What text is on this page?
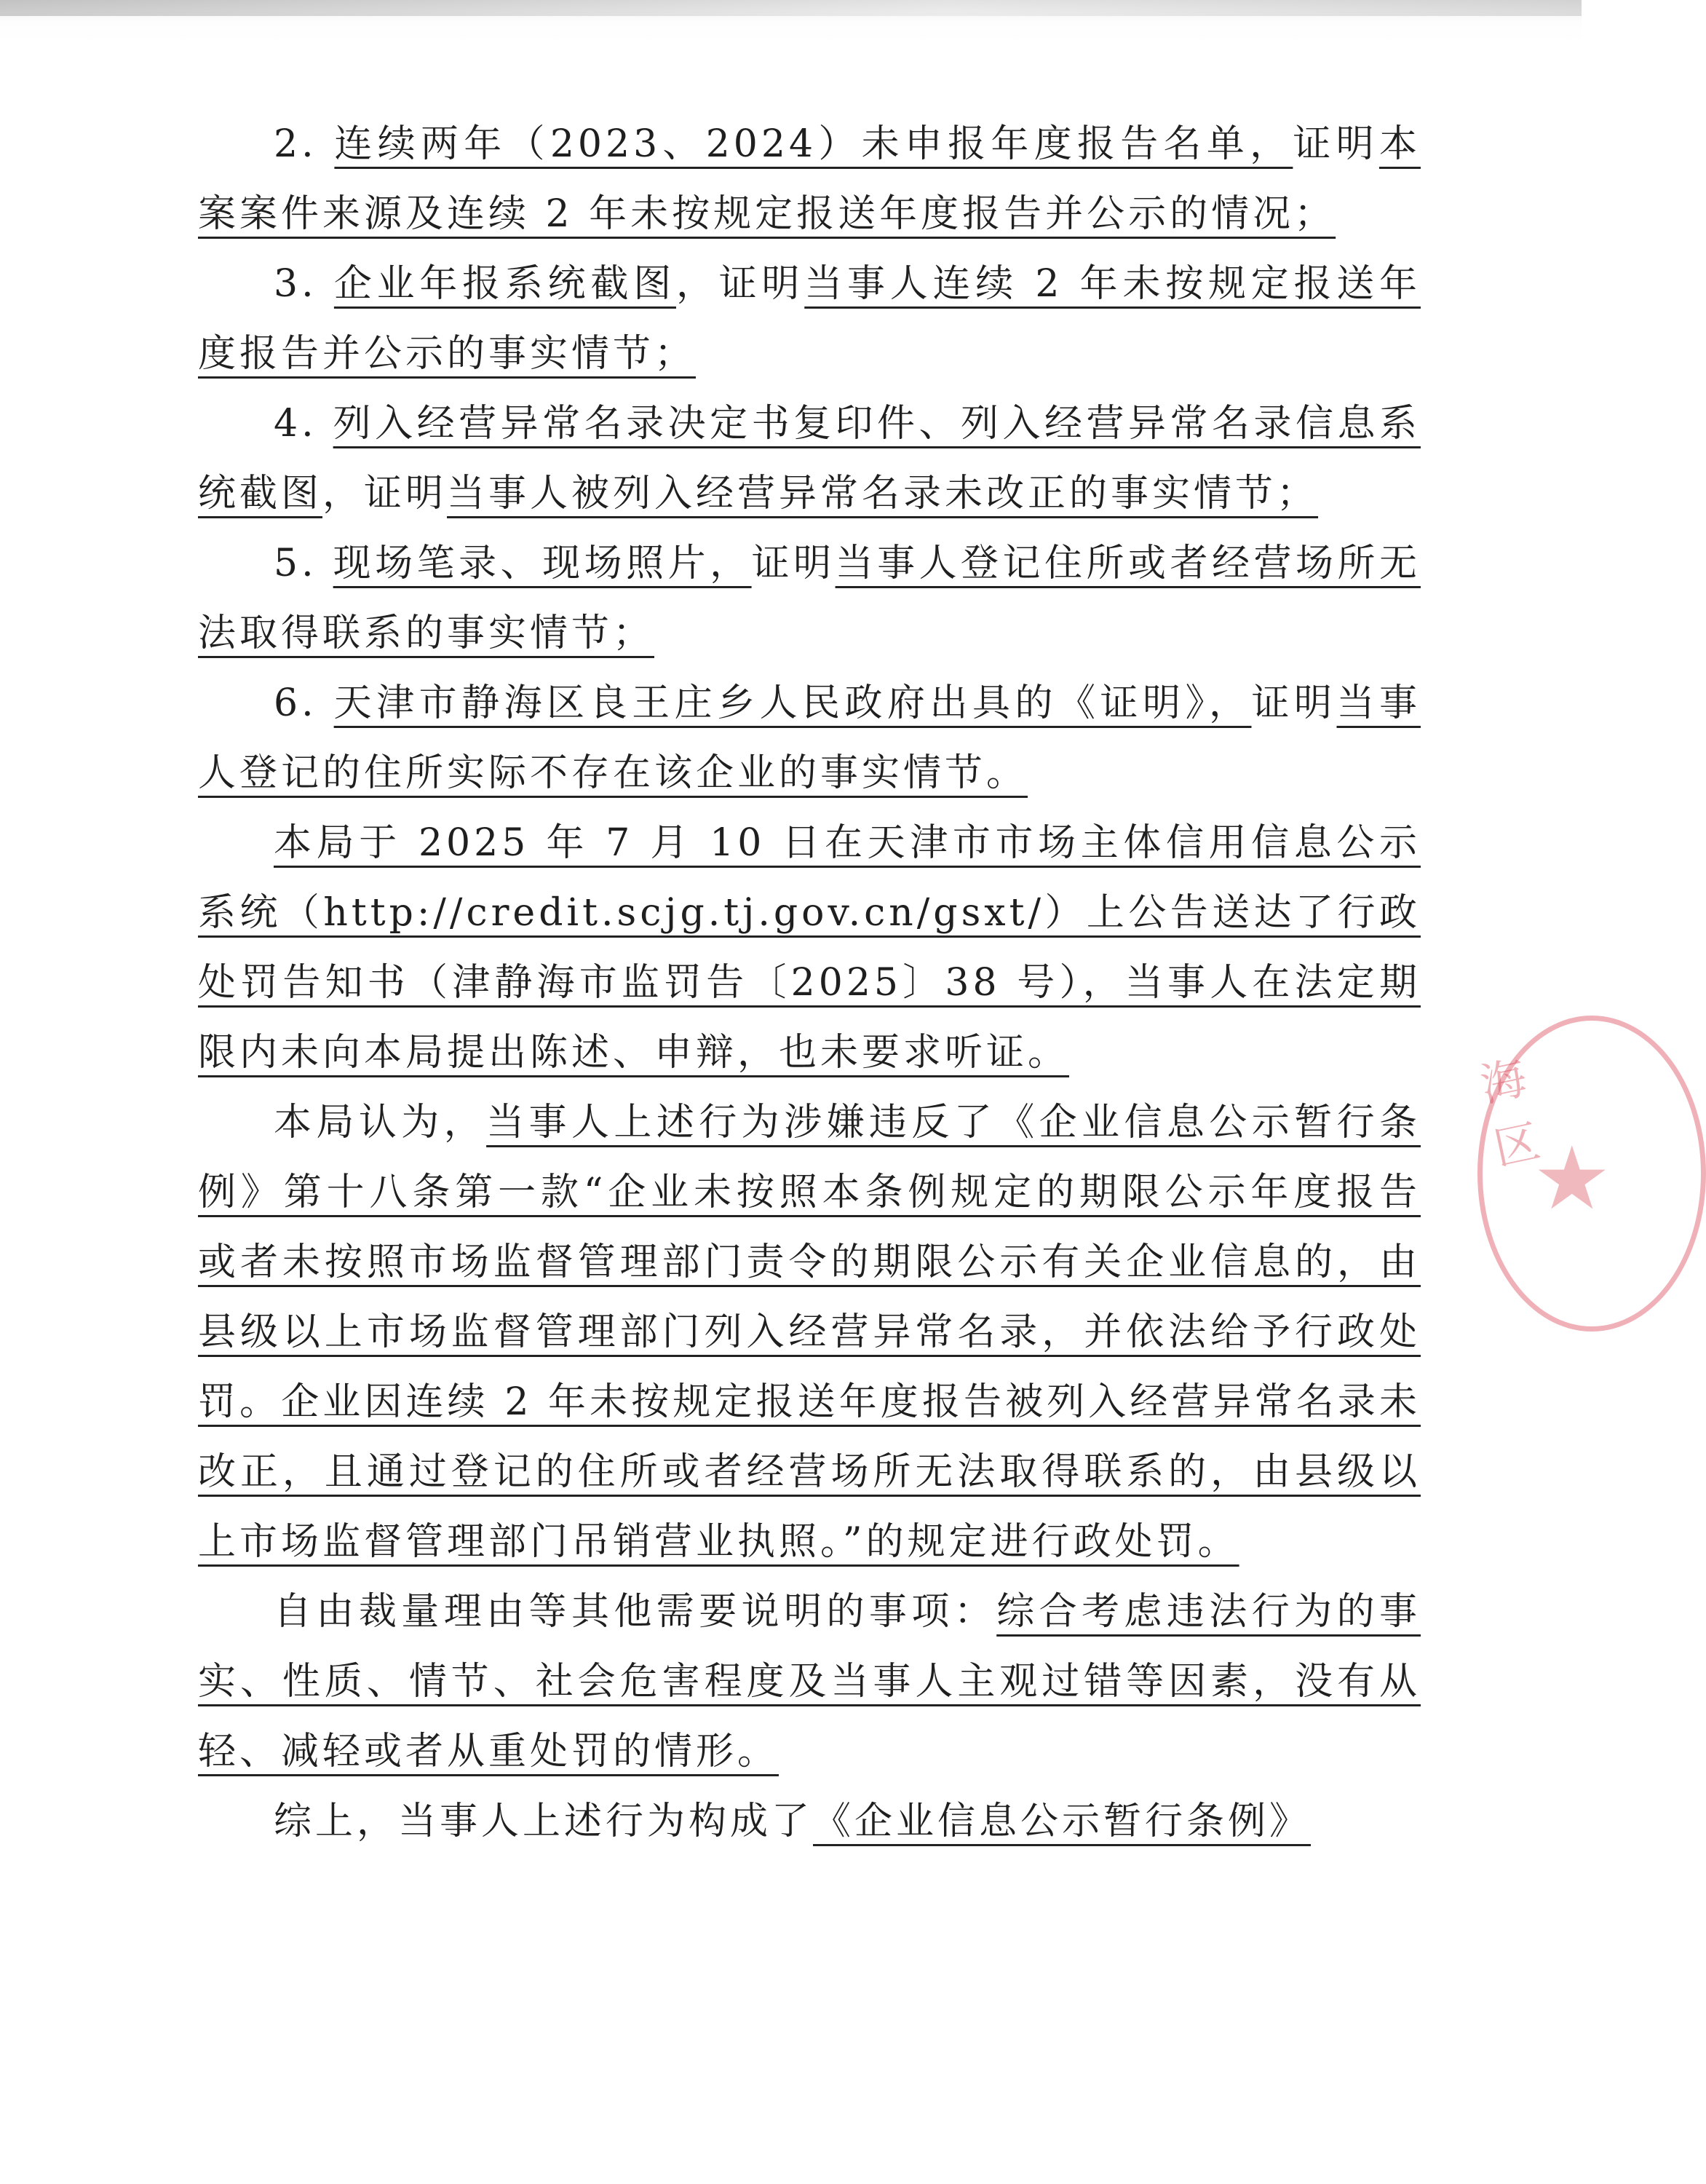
2. 连续两年（2023、2024）未申报年度报告名单，证明本案案件来源及连续 2 年未按规定报送年度报告并公示的情况；

3. 企业年报系统截图，证明当事人连续 2 年未按规定报送年度报告并公示的事实情节；

4. 列入经营异常名录决定书复印件、列入经营异常名录信息系统截图，证明当事人被列入经营异常名录未改正的事实情节；

5. 现场笔录、现场照片，证明当事人登记住所或者经营场所无法取得联系的事实情节；

6. 天津市静海区良王庄乡人民政府出具的《证明》，证明当事人登记的住所实际不存在该企业的事实情节。

本局于 2025 年 7 月 10 日在天津市市场主体信用信息公示系统（http://credit.scjg.tj.gov.cn/gsxt/）上公告送达了行政处罚告知书（津静海市监罚告〔2025〕38 号），当事人在法定期限内未向本局提出陈述、申辩，也未要求听证。

本局认为，当事人上述行为涉嫌违反了《企业信息公示暂行条例》第十八条第一款“企业未按照本条例规定的期限公示年度报告或者未按照市场监督管理部门责令的期限公示有关企业信息的，由县级以上市场监督管理部门列入经营异常名录，并依法给予行政处罚。企业因连续 2 年未按规定报送年度报告被列入经营异常名录未改正，且通过登记的住所或者经营场所无法取得联系的，由县级以上市场监督管理部门吊销营业执照。”的规定进行政处罚。

自由裁量理由等其他需要说明的事项：综合考虑违法行为的事实、性质、情节、社会危害程度及当事人主观过错等因素，没有从轻、减轻或者从重处罚的情形。

综上，当事人上述行为构成了《企业信息公示暂行条例》

海区
★
